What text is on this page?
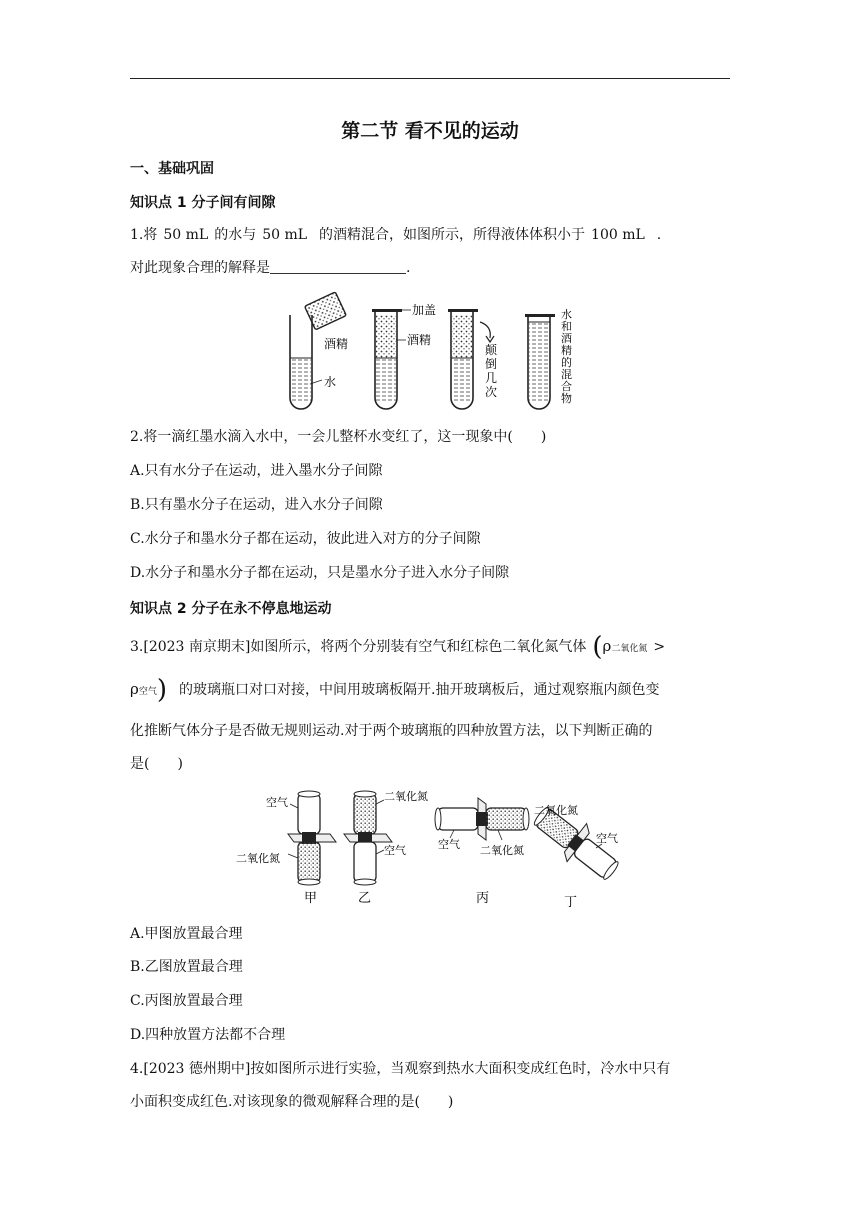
第二节 看不见的运动
一、基础巩固
知识点 1 分子间有间隙
1.将 50 mL 的水与 50 mL 的酒精混合，如图所示，所得液体体积小于 100 mL .
对此现象合理的解释是	.
酒精
水
加盖
酒精
颠
倒
几
次
水
和
酒
精
的
混
合
物
2.将一滴红墨水滴入水中，一会儿整杯水变红了，这一现象中(　　)
A.只有水分子在运动，进入墨水分子间隙
B.只有墨水分子在运动，进入水分子间隙
C.水分子和墨水分子都在运动，彼此进入对方的分子间隙
D.水分子和墨水分子都在运动，只是墨水分子进入水分子间隙
知识点 2 分子在永不停息地运动
3.[2023 南京期末]如图所示，将两个分别装有空气和红棕色二氧化氮气体 (ρ二氧化氮 >
ρ空气) 的玻璃瓶口对口对接，中间用玻璃板隔开.抽开玻璃板后，通过观察瓶内颜色变
化推断气体分子是否做无规则运动.对于两个玻璃瓶的四种放置方法，以下判断正确的
是(　　)
空气
二氧化氮
甲
二氧化氮
空气
乙
空气 二氧化氮
丙
二氧化氮
空气
丁
A.甲图放置最合理
B.乙图放置最合理
C.丙图放置最合理
D.四种放置方法都不合理
4.[2023 德州期中]按如图所示进行实验，当观察到热水大面积变成红色时，冷水中只有
小面积变成红色.对该现象的微观解释合理的是(　　)
